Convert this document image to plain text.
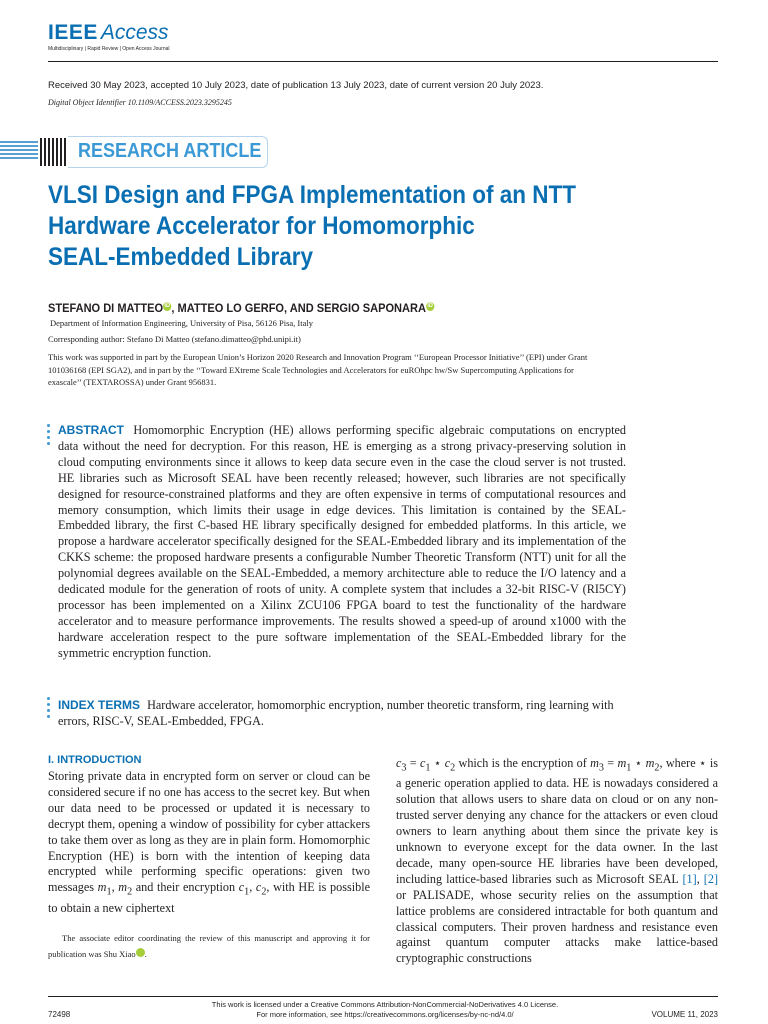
IEEE Access
Multidisciplinary | Rapid Review | Open Access Journal
Received 30 May 2023, accepted 10 July 2023, date of publication 13 July 2023, date of current version 20 July 2023.
Digital Object Identifier 10.1109/ACCESS.2023.3295245
RESEARCH ARTICLE
VLSI Design and FPGA Implementation of an NTT
Hardware Accelerator for Homomorphic
SEAL-Embedded Library
STEFANO DI MATTEOiD, MATTEO LO GERFO, AND SERGIO SAPONARAiD
Department of Information Engineering, University of Pisa, 56126 Pisa, Italy
Corresponding author: Stefano Di Matteo (stefano.dimatteo@phd.unipi.it)
This work was supported in part by the European Union’s Horizon 2020 Research and Innovation Program ‘‘European Processor Initiative’’ (EPI) under Grant 101036168 (EPI SGA2), and in part by the ‘‘Toward EXtreme Scale Technologies and Accelerators for euROhpc hw/Sw Supercomputing Applications for exascale’’ (TEXTAROSSA) under Grant 956831.
ABSTRACT Homomorphic Encryption (HE) allows performing specific algebraic computations on encrypted data without the need for decryption. For this reason, HE is emerging as a strong privacy-preserving solution in cloud computing environments since it allows to keep data secure even in the case the cloud server is not trusted. HE libraries such as Microsoft SEAL have been recently released; however, such libraries are not specifically designed for resource-constrained platforms and they are often expensive in terms of computational resources and memory consumption, which limits their usage in edge devices. This limitation is contained by the SEAL-Embedded library, the first C-based HE library specifically designed for embedded platforms. In this article, we propose a hardware accelerator specifically designed for the SEAL-Embedded library and its implementation of the CKKS scheme: the proposed hardware presents a configurable Number Theoretic Transform (NTT) unit for all the polynomial degrees available on the SEAL-Embedded, a memory architecture able to reduce the I/O latency and a dedicated module for the generation of roots of unity. A complete system that includes a 32-bit RISC-V (RI5CY) processor has been implemented on a Xilinx ZCU106 FPGA board to test the functionality of the hardware accelerator and to measure performance improvements. The results showed a speed-up of around x1000 with the hardware acceleration respect to the pure software implementation of the SEAL-Embedded library for the symmetric encryption function.
INDEX TERMS Hardware accelerator, homomorphic encryption, number theoretic transform, ring learning with errors, RISC-V, SEAL-Embedded, FPGA.
I. INTRODUCTION
Storing private data in encrypted form on server or cloud can be considered secure if no one has access to the secret key. But when our data need to be processed or updated it is necessary to decrypt them, opening a window of possibility for cyber attackers to take them over as long as they are in plain form. Homomorphic Encryption (HE) is born with the intention of keeping data encrypted while performing specific operations: given two messages $m_1$, $m_2$ and their encryption $c_1$, $c_2$, with HE is possible to obtain a new ciphertext
The associate editor coordinating the review of this manuscript and approving it for publication was Shu Xiao iD.
$c_3 = c_1$ ⋆ $c_2$ which is the encryption of $m_3 = m_1$ ⋆ $m_2$, where ⋆ is a generic operation applied to data. HE is nowadays considered a solution that allows users to share data on cloud or on any non-trusted server denying any chance for the attackers or even cloud owners to learn anything about them since the private key is unknown to everyone except for the data owner. In the last decade, many open-source HE libraries have been developed, including lattice-based libraries such as Microsoft SEAL [1], [2] or PALISADE, whose security relies on the assumption that lattice problems are considered intractable for both quantum and classical computers. Their proven hardness and resistance even against quantum computer attacks make lattice-based cryptographic constructions
72498
This work is licensed under a Creative Commons Attribution-NonCommercial-NoDerivatives 4.0 License.
For more information, see https://creativecommons.org/licenses/by-nc-nd/4.0/	VOLUME 11, 2023
